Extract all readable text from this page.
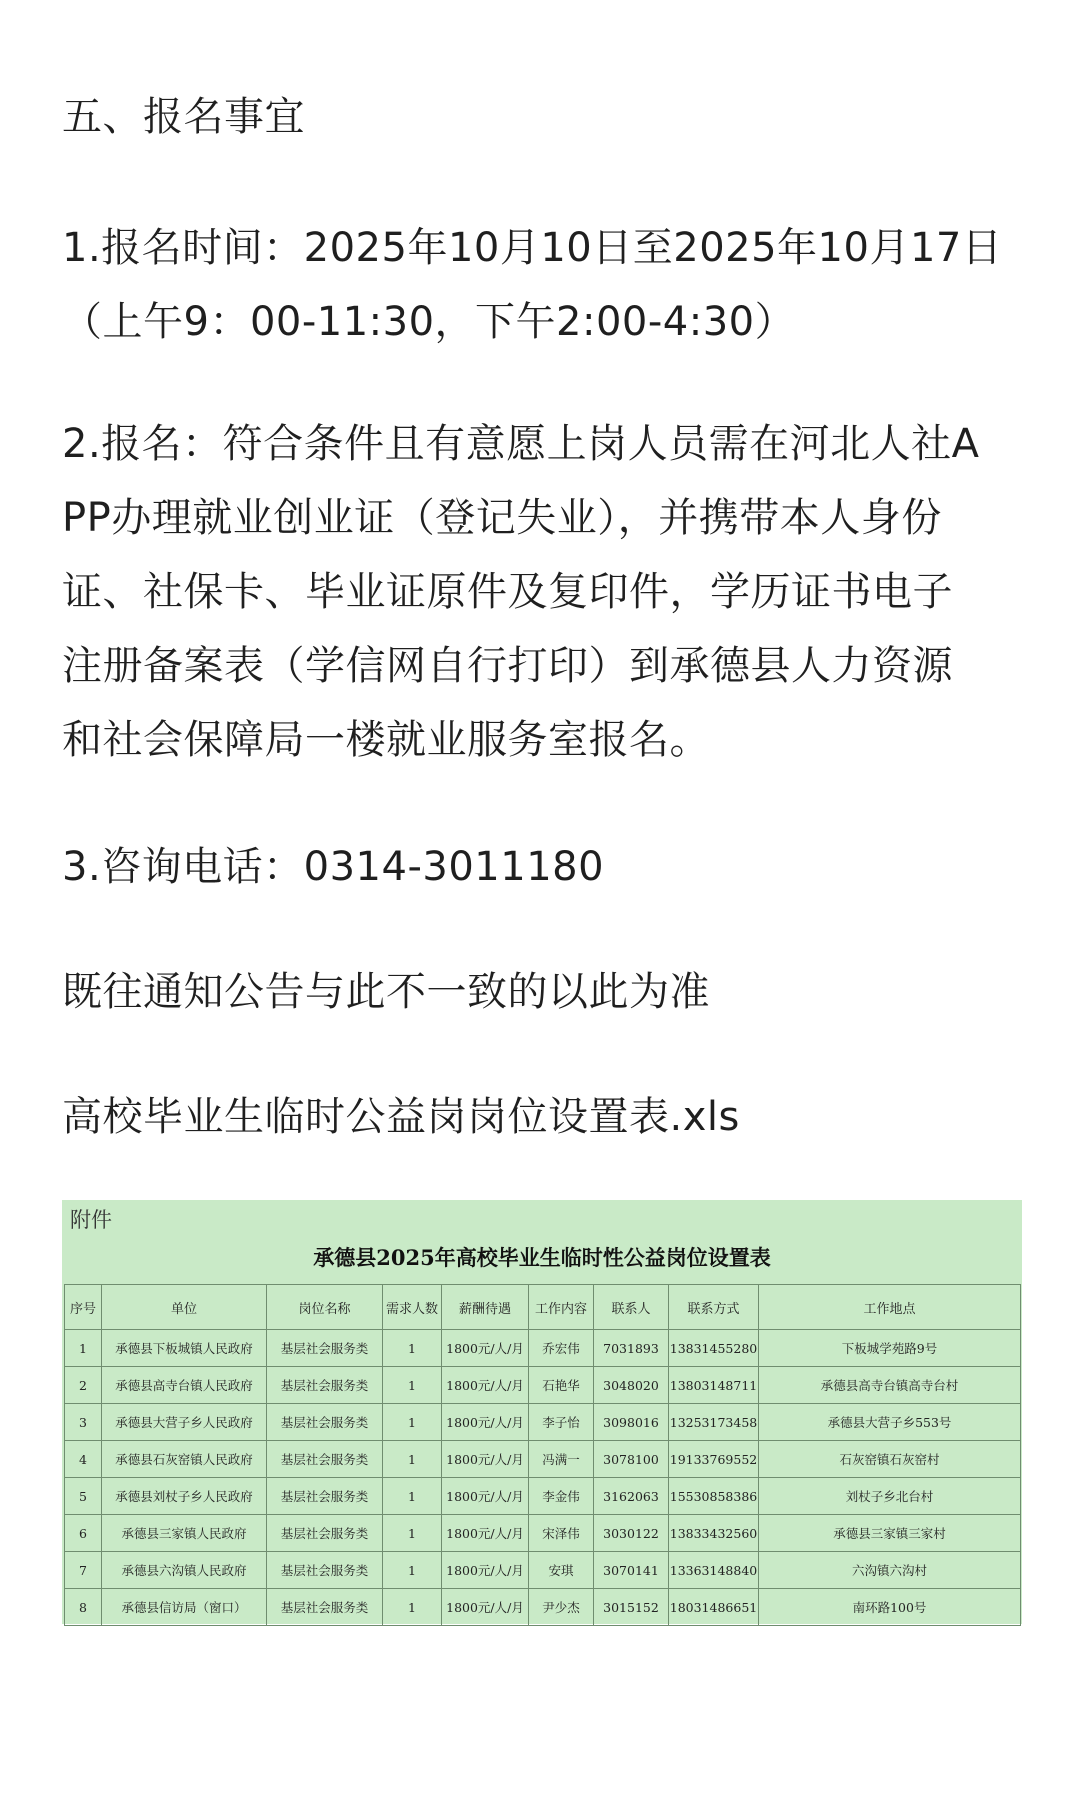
五、报名事宜

1.报名时间：2025年10月10日至2025年10月17日
（上午9：00-11:30，下午2:00-4:30）

2.报名：符合条件且有意愿上岗人员需在河北人社A
PP办理就业创业证（登记失业），并携带本人身份
证、社保卡、毕业证原件及复印件，学历证书电子
注册备案表（学信网自行打印）到承德县人力资源
和社会保障局一楼就业服务室报名。

3.咨询电话：0314-3011180

既往通知公告与此不一致的以此为准

高校毕业生临时公益岗岗位设置表.xls

附件
承德县2025年高校毕业生临时性公益岗位设置表
序号	单位	岗位名称	需求人数	薪酬待遇	工作内容	联系人	联系方式	工作地点
1	承德县下板城镇人民政府	基层社会服务类	1	1800元/人/月	乔宏伟	7031893	13831455280	下板城学苑路9号
2	承德县高寺台镇人民政府	基层社会服务类	1	1800元/人/月	石艳华	3048020	13803148711	承德县高寺台镇高寺台村
3	承德县大营子乡人民政府	基层社会服务类	1	1800元/人/月	李子怡	3098016	13253173458	承德县大营子乡553号
4	承德县石灰窑镇人民政府	基层社会服务类	1	1800元/人/月	冯满一	3078100	19133769552	石灰窑镇石灰窑村
5	承德县刘杖子乡人民政府	基层社会服务类	1	1800元/人/月	李金伟	3162063	15530858386	刘杖子乡北台村
6	承德县三家镇人民政府	基层社会服务类	1	1800元/人/月	宋泽伟	3030122	13833432560	承德县三家镇三家村
7	承德县六沟镇人民政府	基层社会服务类	1	1800元/人/月	安琪	3070141	13363148840	六沟镇六沟村
8	承德县信访局（窗口）	基层社会服务类	1	1800元/人/月	尹少杰	3015152	18031486651	南环路100号
